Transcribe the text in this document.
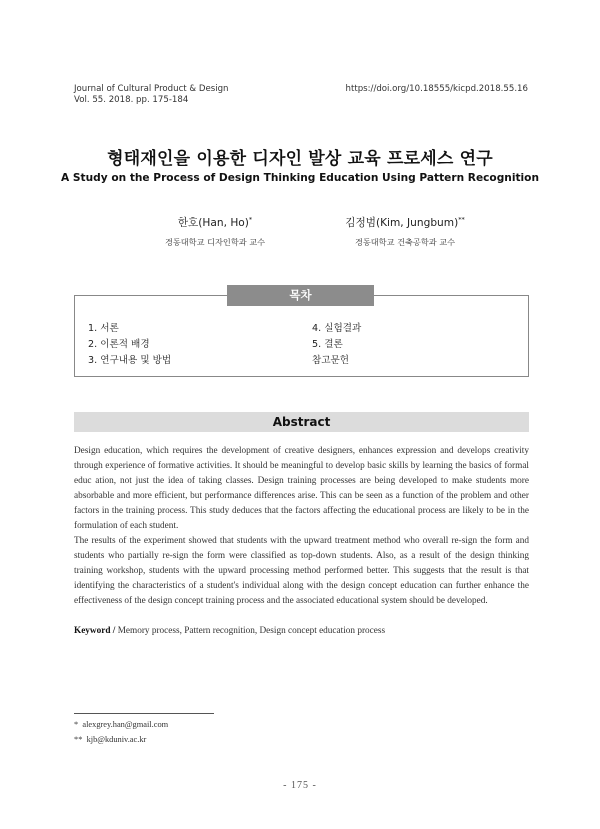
Journal of Cultural Product & Design
Vol. 55. 2018. pp. 175-184
https://doi.org/10.18555/kicpd.2018.55.16
형태재인을 이용한 디자인 발상 교육 프로세스 연구
A Study on the Process of Design Thinking Education Using Pattern Recognition
한호(Han, Ho)*
경동대학교 디자인학과 교수
김정범(Kim, Jungbum)**
경동대학교 건축공학과 교수
목차
1. 서론
2. 이론적 배경
3. 연구내용 및 방법
4. 실험결과
5. 결론
참고문헌
Abstract

Design education, which requires the development of creative designers, enhances expression and develops creativity through experience of formative activities. It should be meaningful to develop basic skills by learning the basics of formal educ ation, not just the idea of taking classes. Design training processes are being developed to make students more absorbable and more efficient, but performance differences arise. This can be seen as a function of the problem and other factors in the training process. This study deduces that the factors affecting the educational process are likely to be in the formulation of each student.

The results of the experiment showed that students with the upward treatment method who overall re-sign the form and students who partially re-sign the form were classified as top-down students. Also, as a result of the design thinking training workshop, students with the upward processing method performed better. This suggests that the result is that identifying the characteristics of a student's individual along with the design concept education can further enhance the effectiveness of the design concept training process and the associated educational system should be developed.

Keyword / Memory process, Pattern recognition, Design concept education process
* alexgrey.han@gmail.com
** kjb@kduniv.ac.kr
- 175 -
